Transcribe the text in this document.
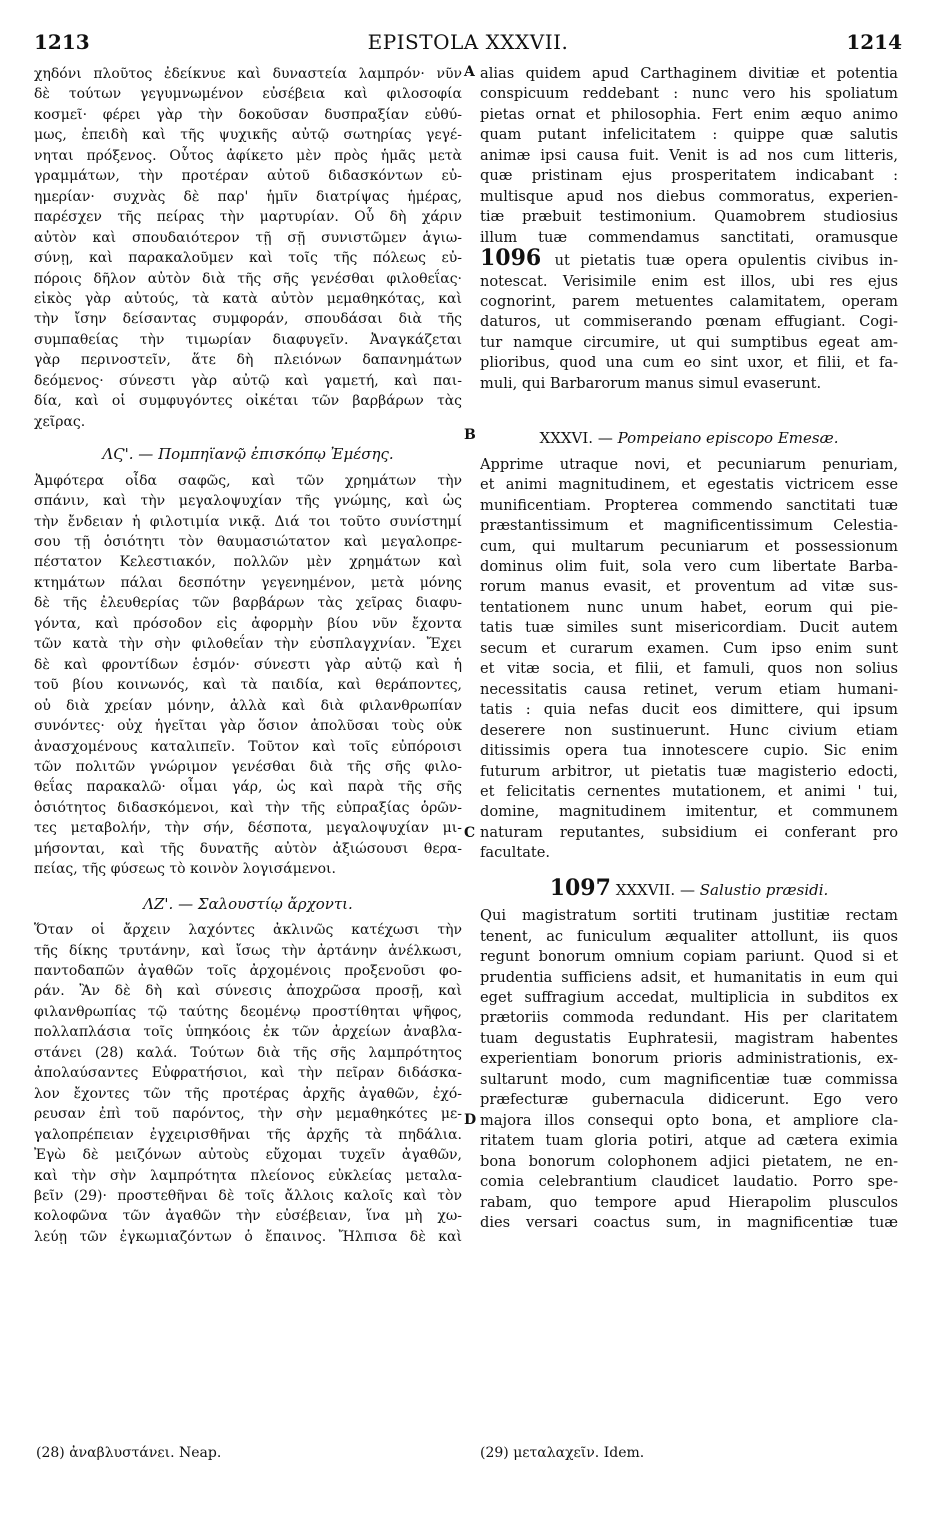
1213	EPISTOLA XXXVII.	1214
A
B
C
D
χηδόνι πλοῦτος ἐδείκνυε καὶ δυναστεία λαμπρόν· νῦν
δὲ τούτων γεγυμνωμένον εὐσέβεια καὶ φιλοσοφία
κοσμεῖ· φέρει γὰρ τὴν δοκοῦσαν δυσπραξίαν εὐθύ-
μως, ἐπειδὴ καὶ τῆς ψυχικῆς αὐτῷ σωτηρίας γεγέ-
νηται πρόξενος. Οὗτος ἀφίκετο μὲν πρὸς ἡμᾶς μετὰ
γραμμάτων, τὴν προτέραν αὐτοῦ διδασκόντων εὐ-
ημερίαν· συχνὰς δὲ παρ' ἡμῖν διατρίψας ἡμέρας,
παρέσχεν τῆς πείρας τὴν μαρτυρίαν. Οὗ δὴ χάριν
αὐτὸν καὶ σπουδαιότερον τῇ σῇ συνιστῶμεν ἁγιω-
σύνῃ, καὶ παρακαλοῦμεν καὶ τοῖς τῆς πόλεως εὐ-
πόροις δῆλον αὐτὸν διὰ τῆς σῆς γενέσθαι φιλοθεΐας·
εἰκὸς γὰρ αὐτούς, τὰ κατὰ αὐτὸν μεμαθηκότας, καὶ
τὴν ἴσην δείσαντας συμφοράν, σπουδάσαι διὰ τῆς
συμπαθείας τὴν τιμωρίαν διαφυγεῖν. Ἀναγκάζεται
γὰρ περινοστεῖν, ἅτε δὴ πλειόνων δαπανημάτων
δεόμενος· σύνεστι γὰρ αὐτῷ καὶ γαμετή, καὶ παι-
δία, καὶ οἱ συμφυγόντες οἰκέται τῶν βαρβάρων τὰς
χεῖρας.
ΛϚ'. — Πομπηϊανῷ ἐπισκόπῳ Ἐμέσης.
Ἀμφότερα οἶδα σαφῶς, καὶ τῶν χρημάτων τὴν
σπάνιν, καὶ τὴν μεγαλοψυχίαν τῆς γνώμης, καὶ ὡς
τὴν ἔνδειαν ἡ φιλοτιμία νικᾷ. Διά τοι τοῦτο συνίστημί
σου τῇ ὁσιότητι τὸν θαυμασιώτατον καὶ μεγαλοπρε-
πέστατον Κελεστιακόν, πολλῶν μὲν χρημάτων καὶ
κτημάτων πάλαι δεσπότην γεγενημένον, μετὰ μόνης
δὲ τῆς ἐλευθερίας τῶν βαρβάρων τὰς χεῖρας διαφυ-
γόντα, καὶ πρόσοδον εἰς ἀφορμὴν βίου νῦν ἔχοντα
τῶν κατὰ τὴν σὴν φιλοθεΐαν τὴν εὐσπλαγχνίαν. Ἔχει
δὲ καὶ φροντίδων ἑσμόν· σύνεστι γὰρ αὐτῷ καὶ ἡ
τοῦ βίου κοινωνός, καὶ τὰ παιδία, καὶ θεράποντες,
οὐ διὰ χρείαν μόνην, ἀλλὰ καὶ διὰ φιλανθρωπίαν
συνόντες· οὐχ ἡγεῖται γὰρ ὅσιον ἀπολῦσαι τοὺς οὐκ
ἀνασχομένους καταλιπεῖν. Τοῦτον καὶ τοῖς εὐπόροισι
τῶν πολιτῶν γνώριμον γενέσθαι διὰ τῆς σῆς φιλο-
θεΐας παρακαλῶ· οἶμαι γάρ, ὡς καὶ παρὰ τῆς σῆς
ὁσιότητος διδασκόμενοι, καὶ τὴν τῆς εὐπραξίας ὁρῶν-
τες μεταβολήν, τὴν σήν, δέσποτα, μεγαλοψυχίαν μι-
μήσονται, καὶ τῆς δυνατῆς αὐτὸν ἀξιώσουσι θερα-
πείας, τῆς φύσεως τὸ κοινὸν λογισάμενοι.
ΛΖ'. — Σαλουστίῳ ἄρχοντι.
Ὅταν οἱ ἄρχειν λαχόντες ἀκλινῶς κατέχωσι τὴν
τῆς δίκης τρυτάνην, καὶ ἴσως τὴν ἀρτάνην ἀνέλκωσι,
παντοδαπῶν ἀγαθῶν τοῖς ἀρχομένοις προξενοῦσι φο-
ράν. Ἂν δὲ δὴ καὶ σύνεσις ἀποχρῶσα προσῇ, καὶ
φιλανθρωπίας τῷ ταύτης δεομένῳ προστίθηται ψῆφος,
πολλαπλάσια τοῖς ὑπηκόοις ἐκ τῶν ἀρχείων ἀναβλα-
στάνει (28) καλά. Τούτων διὰ τῆς σῆς λαμπρότητος
ἀπολαύσαντες Εὐφρατήσιοι, καὶ τὴν πεῖραν διδάσκα-
λον ἔχοντες τῶν τῆς προτέρας ἀρχῆς ἀγαθῶν, ἐχό-
ρευσαν ἐπὶ τοῦ παρόντος, τὴν σὴν μεμαθηκότες με-
γαλοπρέπειαν ἐγχειρισθῆναι τῆς ἀρχῆς τὰ πηδάλια.
Ἐγὼ δὲ μειζόνων αὐτοὺς εὔχομαι τυχεῖν ἀγαθῶν,
καὶ τὴν σὴν λαμπρότητα πλείονος εὐκλείας μεταλα-
βεῖν (29)· προστεθῆναι δὲ τοῖς ἄλλοις καλοῖς καὶ τὸν
κολοφῶνα τῶν ἀγαθῶν τὴν εὐσέβειαν, ἵνα μὴ χω-
λεύῃ τῶν ἐγκωμιαζόντων ὁ ἔπαινος. Ἤλπισα δὲ καὶ
alias quidem apud Carthaginem divitiæ et potentia
conspicuum reddebant : nunc vero his spoliatum
pietas ornat et philosophia. Fert enim æquo animo
quam putant infelicitatem : quippe quæ salutis
animæ ipsi causa fuit. Venit is ad nos cum litteris,
quæ pristinam ejus prosperitatem indicabant :
multisque apud nos diebus commoratus, experien-
tiæ præbuit testimonium. Quamobrem studiosius
illum tuæ commendamus sanctitati, oramusque
1096 ut pietatis tuæ opera opulentis civibus in-
notescat. Verisimile enim est illos, ubi res ejus
cognorint, parem metuentes calamitatem, operam
daturos, ut commiserando pœnam effugiant. Cogi-
tur namque circumire, ut qui sumptibus egeat am-
plioribus, quod una cum eo sint uxor, et filii, et fa-
muli, qui Barbarorum manus simul evaserunt.
XXXVI. — Pompeiano episcopo Emesæ.
Apprime utraque novi, et pecuniarum penuriam,
et animi magnitudinem, et egestatis victricem esse
munificentiam. Propterea commendo sanctitati tuæ
præstantissimum et magnificentissimum Celestia-
cum, qui multarum pecuniarum et possessionum
dominus olim fuit, sola vero cum libertate Barba-
rorum manus evasit, et proventum ad vitæ sus-
tentationem nunc unum habet, eorum qui pie-
tatis tuæ similes sunt misericordiam. Ducit autem
secum et curarum examen. Cum ipso enim sunt
et vitæ socia, et filii, et famuli, quos non solius
necessitatis causa retinet, verum etiam humani-
tatis : quia nefas ducit eos dimittere, qui ipsum
deserere non sustinuerunt. Hunc civium etiam
ditissimis opera tua innotescere cupio. Sic enim
futurum arbitror, ut pietatis tuæ magisterio edocti,
et felicitatis cernentes mutationem, et animi ' tui,
domine, magnitudinem imitentur, et communem
naturam reputantes, subsidium ei conferant pro
facultate.
1097 XXXVII. — Salustio præsidi.
Qui magistratum sortiti trutinam justitiæ rectam
tenent, ac funiculum æqualiter attollunt, iis quos
regunt bonorum omnium copiam pariunt. Quod si et
prudentia sufficiens adsit, et humanitatis in eum qui
eget suffragium accedat, multiplicia in subditos ex
prætoriis commoda redundant. His per claritatem
tuam degustatis Euphratesii, magistram habentes
experientiam bonorum prioris administrationis, ex-
sultarunt modo, cum magnificentiæ tuæ commissa
præfecturæ gubernacula didicerunt. Ego vero
majora illos consequi opto bona, et ampliore cla-
ritatem tuam gloria potiri, atque ad cætera eximia
bona bonorum colophonem adjici pietatem, ne en-
comia celebrantium claudicet laudatio. Porro spe-
rabam, quo tempore apud Hierapolim plusculos
dies versari coactus sum, in magnificentiæ tuæ
(28) ἀναβλυστάνει. Neap.	(29) μεταλαχεῖν. Idem.
